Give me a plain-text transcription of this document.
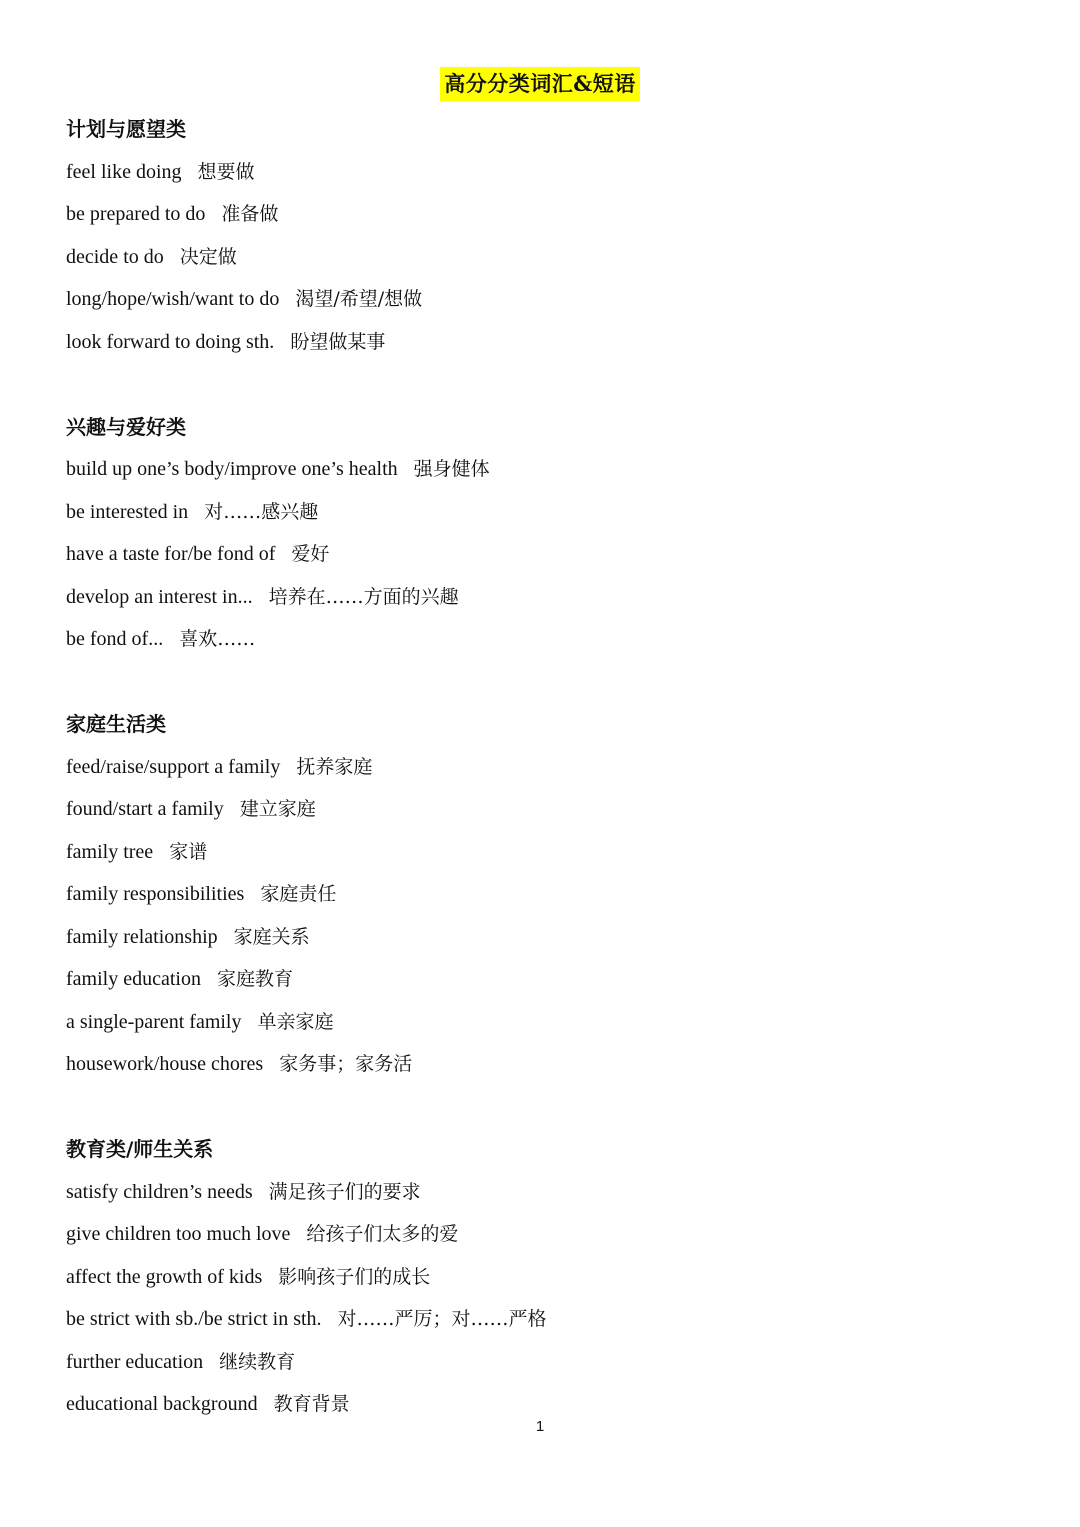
高分分类词汇&短语
计划与愿望类
feel like doing 想要做
be prepared to do 准备做
decide to do 决定做
long/hope/wish/want to do 渴望/希望/想做
look forward to doing sth. 盼望做某事
兴趣与爱好类
build up one’s body/improve one’s health 强身健体
be interested in 对……感兴趣
have a taste for/be fond of 爱好
develop an interest in... 培养在……方面的兴趣
be fond of... 喜欢……
家庭生活类
feed/raise/support a family 抚养家庭
found/start a family 建立家庭
family tree 家谱
family responsibilities 家庭责任
family relationship 家庭关系
family education 家庭教育
a single-parent family 单亲家庭
housework/house chores 家务事；家务活
教育类/师生关系
satisfy children’s needs 满足孩子们的要求
give children too much love 给孩子们太多的爱
affect the growth of kids 影响孩子们的成长
be strict with sb./be strict in sth. 对……严厉；对……严格
further education 继续教育
educational background 教育背景
1
